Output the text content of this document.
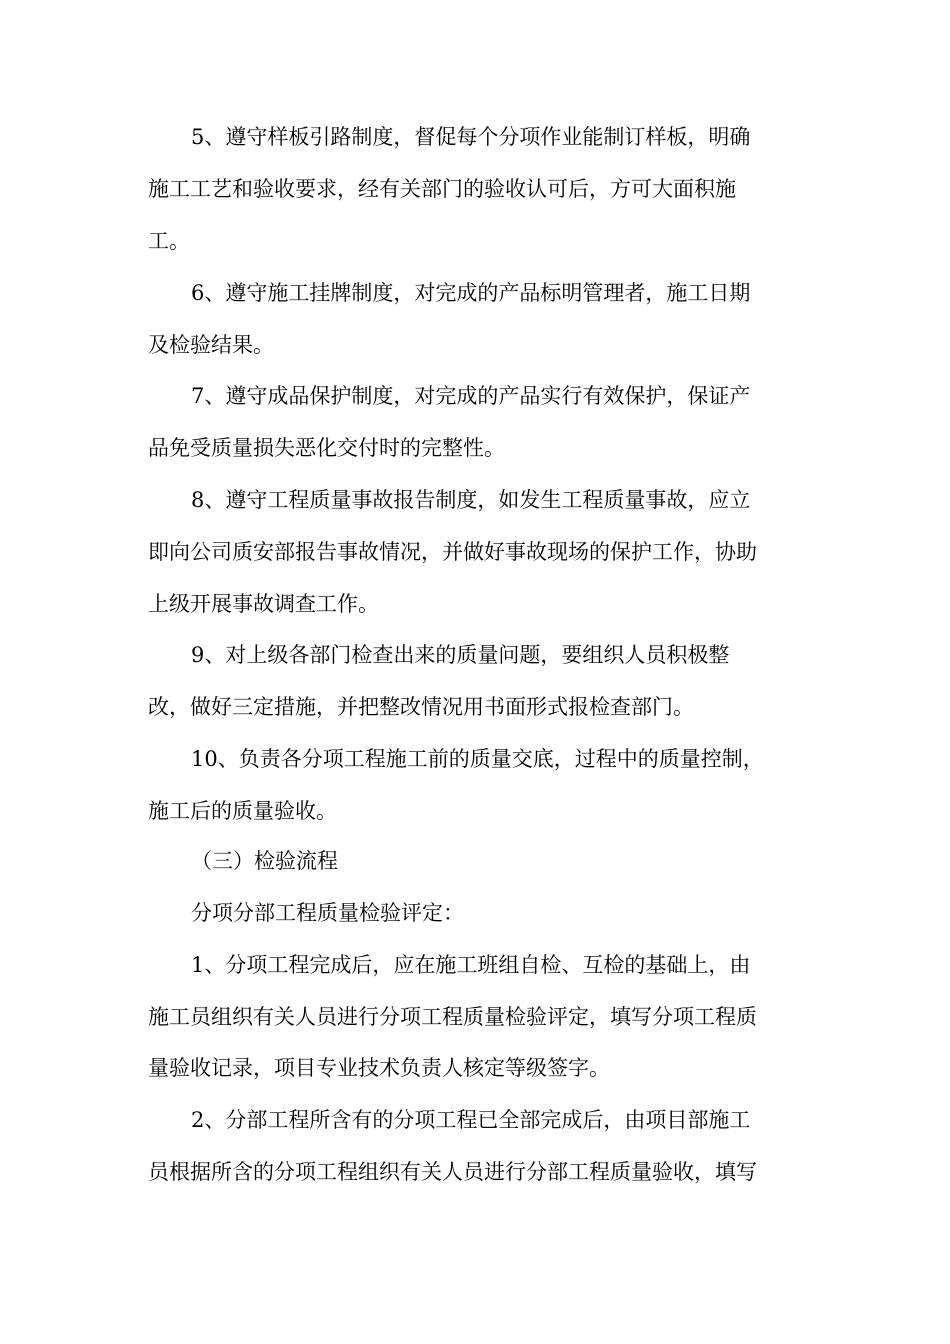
5、遵守样板引路制度，督促每个分项作业能制订样板，明确
施工工艺和验收要求，经有关部门的验收认可后，方可大面积施
工。
6、遵守施工挂牌制度，对完成的产品标明管理者，施工日期
及检验结果。
7、遵守成品保护制度，对完成的产品实行有效保护，保证产
品免受质量损失恶化交付时的完整性。
8、遵守工程质量事故报告制度，如发生工程质量事故，应立
即向公司质安部报告事故情况，并做好事故现场的保护工作，协助
上级开展事故调查工作。
9、对上级各部门检查出来的质量问题，要组织人员积极整
改，做好三定措施，并把整改情况用书面形式报检查部门。
10、负责各分项工程施工前的质量交底，过程中的质量控制，
施工后的质量验收。
（三）检验流程
分项分部工程质量检验评定：
1、分项工程完成后，应在施工班组自检、互检的基础上，由
施工员组织有关人员进行分项工程质量检验评定，填写分项工程质
量验收记录，项目专业技术负责人核定等级签字。
2、分部工程所含有的分项工程已全部完成后，由项目部施工
员根据所含的分项工程组织有关人员进行分部工程质量验收，填写
